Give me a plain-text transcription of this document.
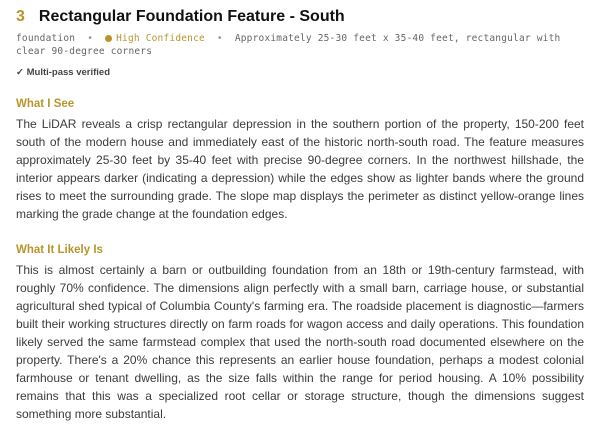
3 Rectangular Foundation Feature - South
foundation • High Confidence • Approximately 25-30 feet x 35-40 feet, rectangular with clear 90-degree corners
✓ Multi-pass verified
What I See
The LiDAR reveals a crisp rectangular depression in the southern portion of the property, 150-200 feet south of the modern house and immediately east of the historic north-south road. The feature measures approximately 25-30 feet by 35-40 feet with precise 90-degree corners. In the northwest hillshade, the interior appears darker (indicating a depression) while the edges show as lighter bands where the ground rises to meet the surrounding grade. The slope map displays the perimeter as distinct yellow-orange lines marking the grade change at the foundation edges.
What It Likely Is
This is almost certainly a barn or outbuilding foundation from an 18th or 19th-century farmstead, with roughly 70% confidence. The dimensions align perfectly with a small barn, carriage house, or substantial agricultural shed typical of Columbia County's farming era. The roadside placement is diagnostic—farmers built their working structures directly on farm roads for wagon access and daily operations. This foundation likely served the same farmstead complex that used the north-south road documented elsewhere on the property. There's a 20% chance this represents an earlier house foundation, perhaps a modest colonial farmhouse or tenant dwelling, as the size falls within the range for period housing. A 10% possibility remains that this was a specialized root cellar or storage structure, though the dimensions suggest something more substantial.
